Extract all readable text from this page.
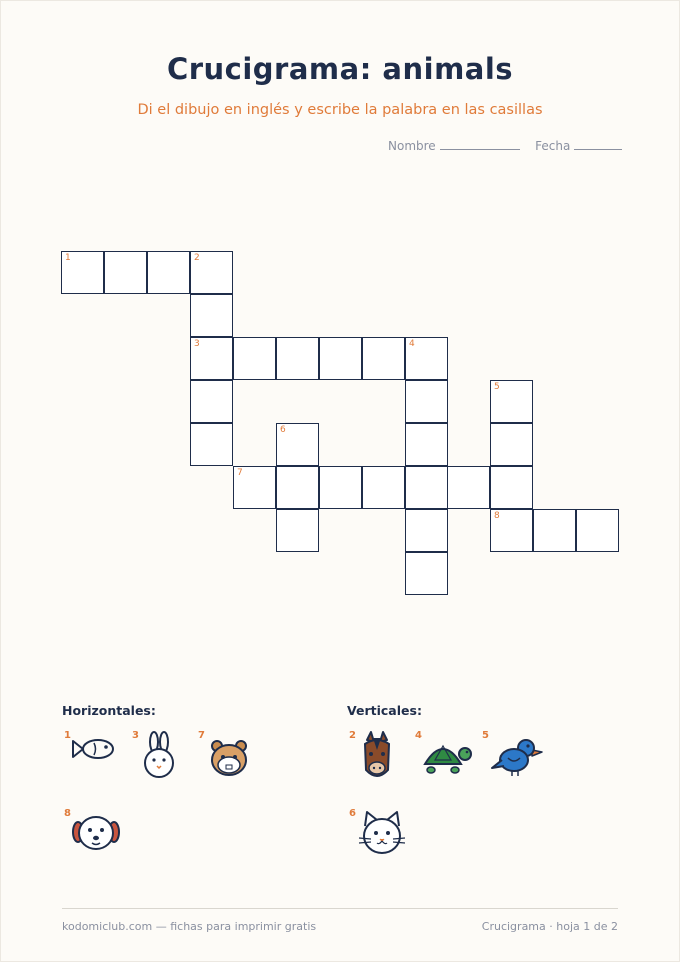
Crucigrama: animals
Di el dibujo en inglés y escribe la palabra en las casillas
Nombre	Fecha
1	2
3	4
5
6
7
8
Horizontales:	Verticales:
1	3	7
8
2	4	5
6
kodomiclub.com — fichas para imprimir gratis	Crucigrama · hoja 1 de 2
